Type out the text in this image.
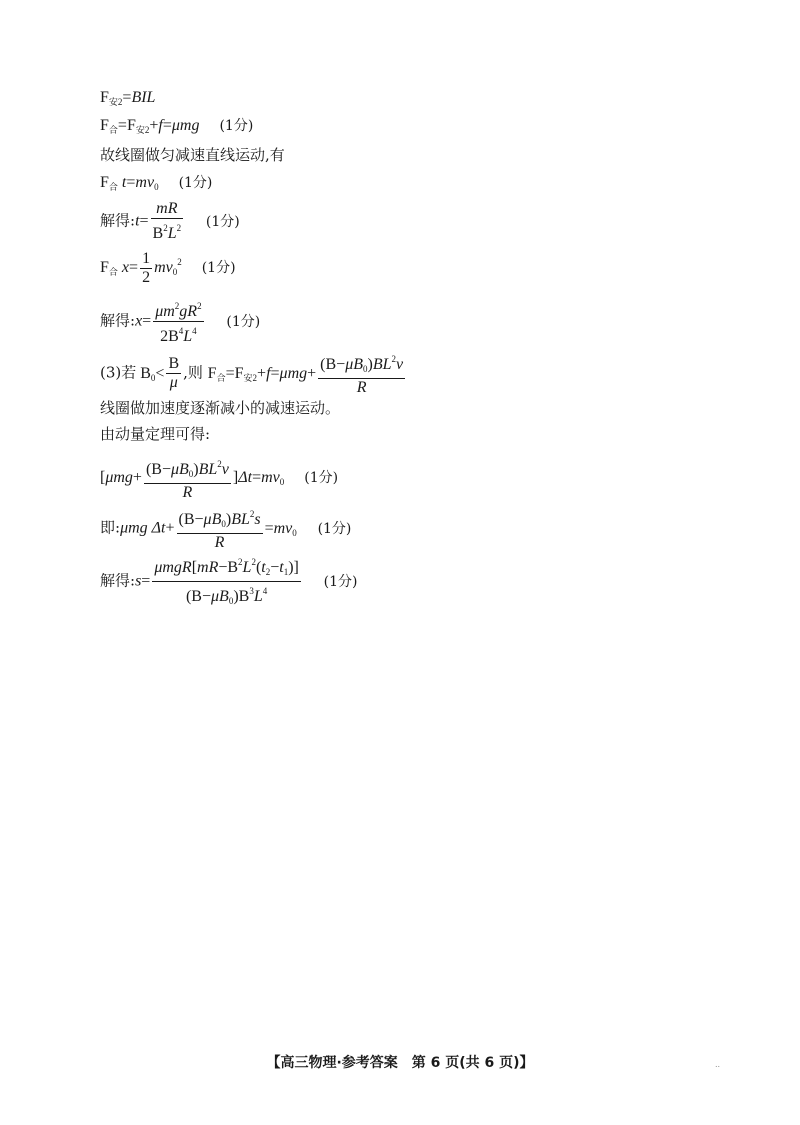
$F_{安2}=BIL$
$F_合=F_{安2}+f=\mu mg$ (1分)
故线圈做匀减速直线运动,有
$F_合$ $t=mv_0$ (1分)
解得:t= $\frac{mR}{B^2L^2} (1$分)
$F_合$ $x= \frac{1}{2} mv_0^2$ (1分)
解得:x= $\frac{\mu m^2gR^2}{2B^4L^4} (1$分)
(3)若 $B_0< \frac{B}{\mu}$ ,则 $F_合=F_{安2}+f=\mu mg+ \frac{(B-\mu B_0)BL^2v}{R}$
线圈做加速度逐渐减小的减速运动。
由动量定理可得:
$[\mu mg+ \frac{(B-\mu B_0)BL^2v}{R} ]\Delta t=mv_0$ (1分)
即:μmg $\Delta t+ \frac{(B-\mu B_0)BL^2s}{R} =mv_0$ (1分)
解得:s= $\frac{\mu mgR[mR-B^2L^2(t_2-t_1)]}{(B-\mu B_0)B^3L^4} (1$分)
【高三物理·参考答案　第 6 页(共 6 页)】	..
